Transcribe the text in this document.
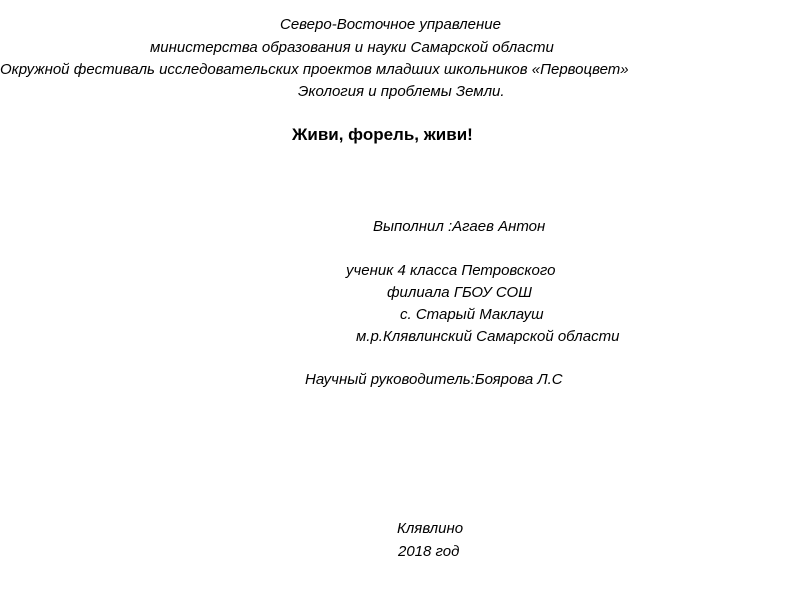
Северо-Восточное управление
министерства образования и науки Самарской области
Окружной фестиваль исследовательских проектов младших школьников «Первоцвет»
Экология и проблемы Земли.
Живи, форель, живи!
Выполнил :Агаев Антон
ученик 4 класса Петровского
филиала ГБОУ СОШ
с. Старый Маклауш
м.р.Клявлинский Самарской области
Научный руководитель:Боярова Л.С
Клявлино
2018 год
